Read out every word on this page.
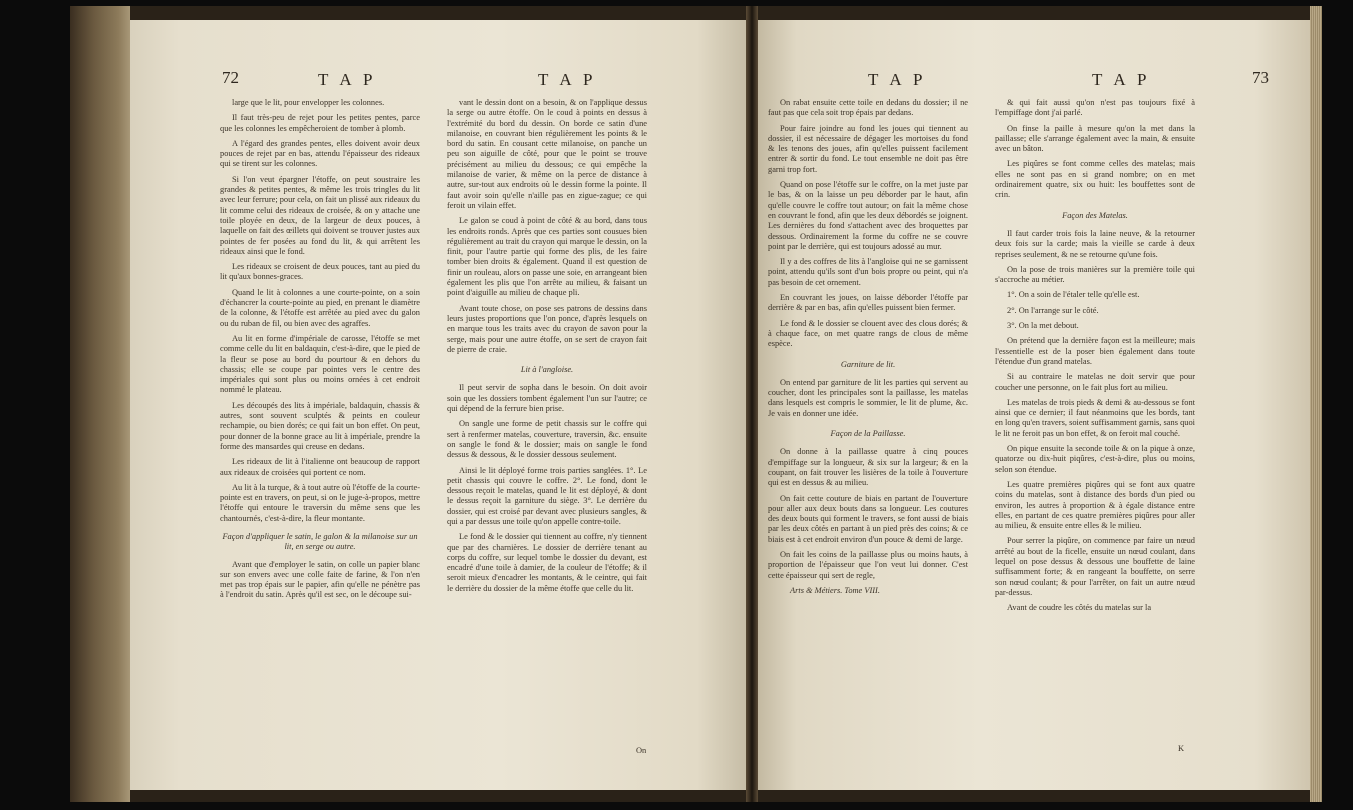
72	T A P	T A P

large que le lit, pour envelopper les colonnes.

Il faut très-peu de rejet pour les petites pentes, parce que les colonnes les empêcheroient de tomber à plomb.

A l'égard des grandes pentes, elles doivent avoir deux pouces de rejet par en bas, attendu l'épaisseur des rideaux qui se tirent sur les colonnes.

Si l'on veut épargner l'étoffe, on peut soustraire les grandes & petites pentes, & même les trois tringles du lit avec leur ferrure; pour cela, on fait un plissé aux rideaux du lit comme celui des rideaux de croisée, & on y attache une toile ployée en deux, de la largeur de deux pouces, à laquelle on fait des œillets qui doivent se trouver justes aux pointes de fer posées au fond du lit, & qui arrêtent les rideaux ainsi que le fond.

Les rideaux se croisent de deux pouces, tant au pied du lit qu'aux bonnes-graces.

Quand le lit à colonnes a une courte-pointe, on a soin d'échancrer la courte-pointe au pied, en prenant le diamètre de la colonne, & l'étoffe est arrêtée au pied avec du galon ou du ruban de fil, ou bien avec des agraffes.

Au lit en forme d'impériale de carosse, l'étoffe se met comme celle du lit en baldaquin, c'est-à-dire, que le pied de la fleur se pose au bord du pourtour & en dehors du chassis; elle se coupe par pointes vers le centre des impériales qui sont plus ou moins ornées à cet endroit nommé le plateau.

Les découpés des lits à impériale, baldaquin, chassis & autres, sont souvent sculptés & peints en couleur rechampie, ou bien dorés; ce qui fait un bon effet. On peut, pour donner de la bonne grace au lit à impériale, prendre la forme des mansardes qui creuse en dedans.

Les rideaux de lit à l'italienne ont beaucoup de rapport aux rideaux de croisées qui portent ce nom.

Au lit à la turque, & à tout autre où l'étoffe de la courte-pointe est en travers, on peut, si on le juge-à-propos, mettre l'étoffe qui entoure le traversin du même sens que les chantournés, c'est-à-dire, la fleur montante.

Façon d'appliquer le satin, le galon & la milanoise sur un lit, en serge ou autre.

Avant que d'employer le satin, on colle un papier blanc sur son envers avec une colle faite de farine, & l'on n'en met pas trop épais sur le papier, afin qu'elle ne pénètre pas à l'endroit du satin. Après qu'il est sec, on le découpe sui-

vant le dessin dont on a besoin, & on l'applique dessus la serge ou autre étoffe. On le coud à points en dessus à l'extrémité du bord du dessin. On borde ce satin d'une milanoise, en couvrant bien régulièrement les points & le bord du satin. En cousant cette milanoise, on panche un peu son aiguille de côté, pour que le point se trouve précisément au milieu du dessous; ce qui empêche la milanoise de varier, & même on la perce de distance à autre, sur-tout aux endroits où le dessin forme la pointe. Il faut avoir soin qu'elle n'aille pas en zigue-zague; ce qui feroit un vilain effet.

Le galon se coud à point de côté & au bord, dans tous les endroits ronds. Après que ces parties sont cousues bien régulièrement au trait du crayon qui marque le dessin, on la finit, pour l'autre partie qui forme des plis, de les faire tomber bien droits & également. Quand il est question de finir un rouleau, alors on passe une soie, en arrangeant bien également les plis que l'on arrête au milieu, & faisant un point d'aiguille au milieu de chaque pli.

Avant toute chose, on pose ses patrons de dessins dans leurs justes proportions que l'on ponce, d'après lesquels on en marque tous les traits avec du crayon de savon pour la serge, mais pour une autre étoffe, on se sert de crayon fait de pierre de craie.

Lit à l'angloise.

Il peut servir de sopha dans le besoin. On doit avoir soin que les dossiers tombent également l'un sur l'autre; ce qui dépend de la ferrure bien prise.

On sangle une forme de petit chassis sur le coffre qui sert à renfermer matelas, couverture, traversin, &c. ensuite on sangle le fond & le dossier; mais on sangle le fond dessus & dessous, & le dossier dessous seulement.

Ainsi le lit déployé forme trois parties sanglées. 1°. Le petit chassis qui couvre le coffre. 2°. Le fond, dont le dessous reçoit le matelas, quand le lit est déployé, & dont le dessus reçoit la garniture du siège. 3°. Le derrière du dossier, qui est croisé par devant avec plusieurs sangles, & qui a par dessus une toile qu'on appelle contre-toile.

Le fond & le dossier qui tiennent au coffre, n'y tiennent que par des charnières. Le dossier de derrière tenant au corps du coffre, sur lequel tombe le dossier du devant, est encadré d'une toile à damier, de la couleur de l'étoffe; & il seroit mieux d'encadrer les montants, & le ceintre, qui fait le derrière du dossier de la même étoffe que celle du lit.

On
T A P	T A P	73

On rabat ensuite cette toile en dedans du dossier; il ne faut pas que cela soit trop épais par dedans.

Pour faire joindre au fond les joues qui tiennent au dossier, il est nécessaire de dégager les mortoises du fond & les tenons des joues, afin qu'elles puissent facilement entrer & sortir du fond. Le tout ensemble ne doit pas être garni trop fort.

Quand on pose l'étoffe sur le coffre, on la met juste par le bas, & on la laisse un peu déborder par le haut, afin qu'elle couvre le coffre tout autour; on fait la même chose en couvrant le fond, afin que les deux débordés se joignent. Les dernières du fond s'attachent avec des broquettes par dessous. Ordinairement la forme du coffre ne se couvre point par le derrière, qui est toujours adossé au mur.

Il y a des coffres de lits à l'angloise qui ne se garnissent point, attendu qu'ils sont d'un bois propre ou peint, qui n'a pas besoin de cet ornement.

En couvrant les joues, on laisse déborder l'étoffe par derrière & par en bas, afin qu'elles puissent bien fermer.

Le fond & le dossier se clouent avec des clous dorés; & à chaque face, on met quatre rangs de clous de même espèce.

Garniture de lit.

On entend par garniture de lit les parties qui servent au coucher, dont les principales sont la paillasse, les matelas dans lesquels est compris le sommier, le lit de plume, &c. Je vais en donner une idée.

Façon de la Paillasse.

On donne à la paillasse quatre à cinq pouces d'empiffage sur la longueur, & six sur la largeur; & en la coupant, on fait trouver les lisières de la toile à l'ouverture qui est en dessus & au milieu.

On fait cette couture de biais en partant de l'ouverture pour aller aux deux bouts dans sa longueur. Les coutures des deux bouts qui forment le travers, se font aussi de biais par les deux côtés en partant à un pied près des coins; & ce biais est à cet endroit environ d'un pouce & demi de large.

On fait les coins de la paillasse plus ou moins hauts, à proportion de l'épaisseur que l'on veut lui donner. C'est cette épaisseur qui sert de regle,

Arts & Métiers. Tome VIII.

& qui fait aussi qu'on n'est pas toujours fixé à l'empiffage dont j'ai parlé.

On finse la paille à mesure qu'on la met dans la paillasse; elle s'arrange également avec la main, & ensuite avec un bâton.

Les piqûres se font comme celles des matelas; mais elles ne sont pas en si grand nombre; on en met ordinairement quatre, six ou huit: les bouffettes sont de crin.

Façon des Matelas.

Il faut carder trois fois la laine neuve, & la retourner deux fois sur la carde; mais la vieille se carde à deux reprises seulement, & ne se retourne qu'une fois.

On la pose de trois manières sur la première toile qui s'accroche au métier.

1°. On a soin de l'étaler telle qu'elle est.

2°. On l'arrange sur le côté.

3°. On la met debout.

On prétend que la dernière façon est la meilleure; mais l'essentielle est de la poser bien également dans toute l'étendue d'un grand matelas.

Si au contraire le matelas ne doit servir que pour coucher une personne, on le fait plus fort au milieu.

Les matelas de trois pieds & demi & au-dessous se font ainsi que ce dernier; il faut néanmoins que les bords, tant en long qu'en travers, soient suffisamment garnis, sans quoi le lit ne feroit pas un bon effet, & on feroit mal couché.

On pique ensuite la seconde toile & on la pique à onze, quatorze ou dix-huit piqûres, c'est-à-dire, plus ou moins, selon son étendue.

Les quatre premières piqûres qui se font aux quatre coins du matelas, sont à distance des bords d'un pied ou environ, les autres à proportion & à égale distance entre elles, en partant de ces quatre premières piqûres pour aller au milieu, & ensuite entre elles & le milieu.

Pour serrer la piqûre, on commence par faire un nœud arrêté au bout de la ficelle, ensuite un nœud coulant, dans lequel on pose dessus & dessous une bouffette de laine suffisamment forte; & en rangeant la bouffette, on serre son nœud coulant; & pour l'arrêter, on fait un autre nœud par-dessus.

Avant de coudre les côtés du matelas sur la

K
